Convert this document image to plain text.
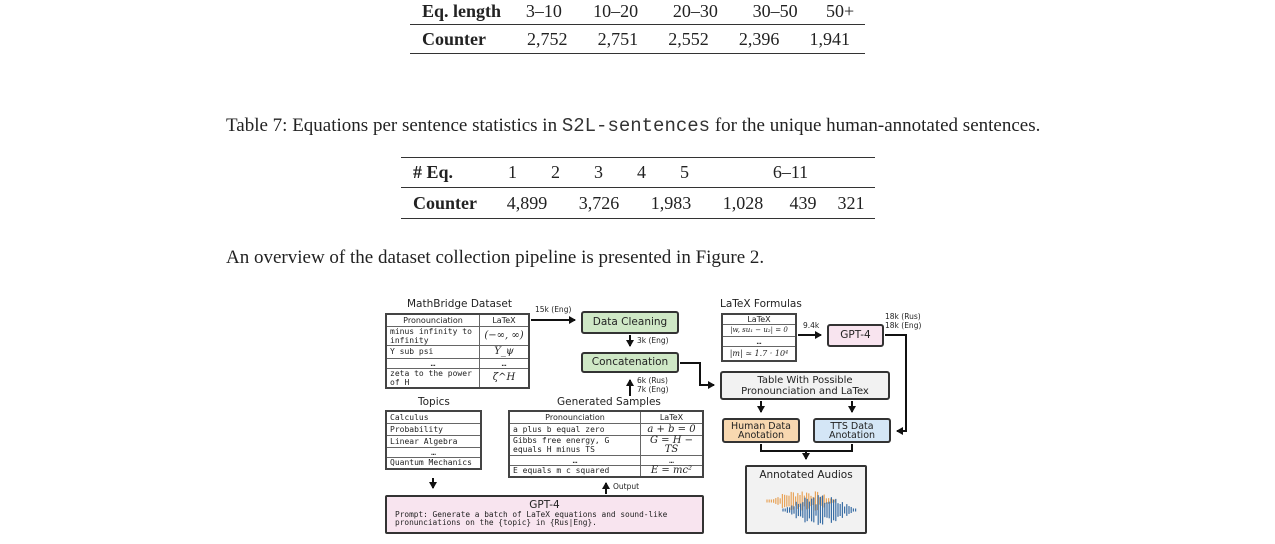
Eq. length	3–10	10–20	20–30	30–50	50+
Counter	2,752	2,751	2,552	2,396	1,941
Table 7: Equations per sentence statistics in S2L-sentences for the unique human-annotated sentences.
# Eq.	1	2	3	4	5	6–11
Counter	4,899	3,726	1,983	1,028	439	321
An overview of the dataset collection pipeline is presented in Figure 2.
MathBridge Dataset
Pronounciation	LaTeX
minus infinity to infinity	(−∞, ∞)
Y sub psi	Y_ψ
…	…
zeta to the power of H	ζ^H
Topics
Calculus
Probability
Linear Algebra
…
Quantum Mechanics
Generated Samples
Pronounciation	LaTeX
a plus b equal zero	a + b = 0
Gibbs free energy, G equals H minus TS	G = H − TS
…	…
E equals m c squared	E = mc²
GPT-4
Prompt: Generate a batch of LaTeX equations and sound-like pronunciations on the {topic} in {Rus|Eng}.
Data Cleaning
Concatenation
LaTeX Formulas
LaTeX
|w, su₁ − u₂| = 0
…
|m| ≃ 1.7 · 10⁴
GPT-4
Table With Possible Pronounciation and LaTex
Human Data Anotation
TTS Data Anotation
Annotated Audios
15k (Eng)
3k (Eng)
6k (Rus)
7k (Eng)
9.4k
18k (Rus)
18k (Eng)
Output
